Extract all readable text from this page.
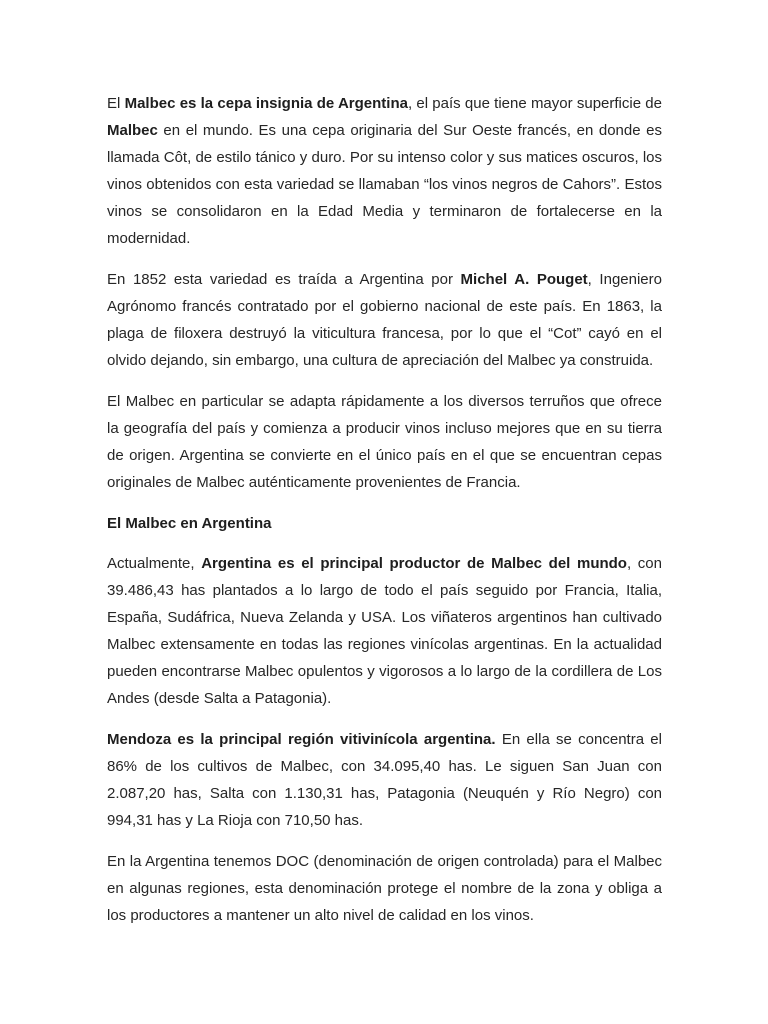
El Malbec es la cepa insignia de Argentina, el país que tiene mayor superficie de Malbec en el mundo. Es una cepa originaria del Sur Oeste francés, en donde es llamada Côt, de estilo tánico y duro. Por su intenso color y sus matices oscuros, los vinos obtenidos con esta variedad se llamaban “los vinos negros de Cahors”. Estos vinos se consolidaron en la Edad Media y terminaron de fortalecerse en la modernidad.

En 1852 esta variedad es traída a Argentina por Michel A. Pouget, Ingeniero Agrónomo francés contratado por el gobierno nacional de este país. En 1863, la plaga de filoxera destruyó la viticultura francesa, por lo que el “Cot” cayó en el olvido dejando, sin embargo, una cultura de apreciación del Malbec ya construida.

El Malbec en particular se adapta rápidamente a los diversos terruños que ofrece la geografía del país y comienza a producir vinos incluso mejores que en su tierra de origen. Argentina se convierte en el único país en el que se encuentran cepas originales de Malbec auténticamente provenientes de Francia.

El Malbec en Argentina

Actualmente, Argentina es el principal productor de Malbec del mundo, con 39.486,43 has plantados a lo largo de todo el país seguido por Francia, Italia, España, Sudáfrica, Nueva Zelanda y USA. Los viñateros argentinos han cultivado Malbec extensamente en todas las regiones vinícolas argentinas. En la actualidad pueden encontrarse Malbec opulentos y vigorosos a lo largo de la cordillera de Los Andes (desde Salta a Patagonia).

Mendoza es la principal región vitivinícola argentina. En ella se concentra el 86% de los cultivos de Malbec, con 34.095,40 has. Le siguen San Juan con 2.087,20 has, Salta con 1.130,31 has, Patagonia (Neuquén y Río Negro) con 994,31 has y La Rioja con 710,50 has.

En la Argentina tenemos DOC (denominación de origen controlada) para el Malbec en algunas regiones, esta denominación protege el nombre de la zona y obliga a los productores a mantener un alto nivel de calidad en los vinos.
